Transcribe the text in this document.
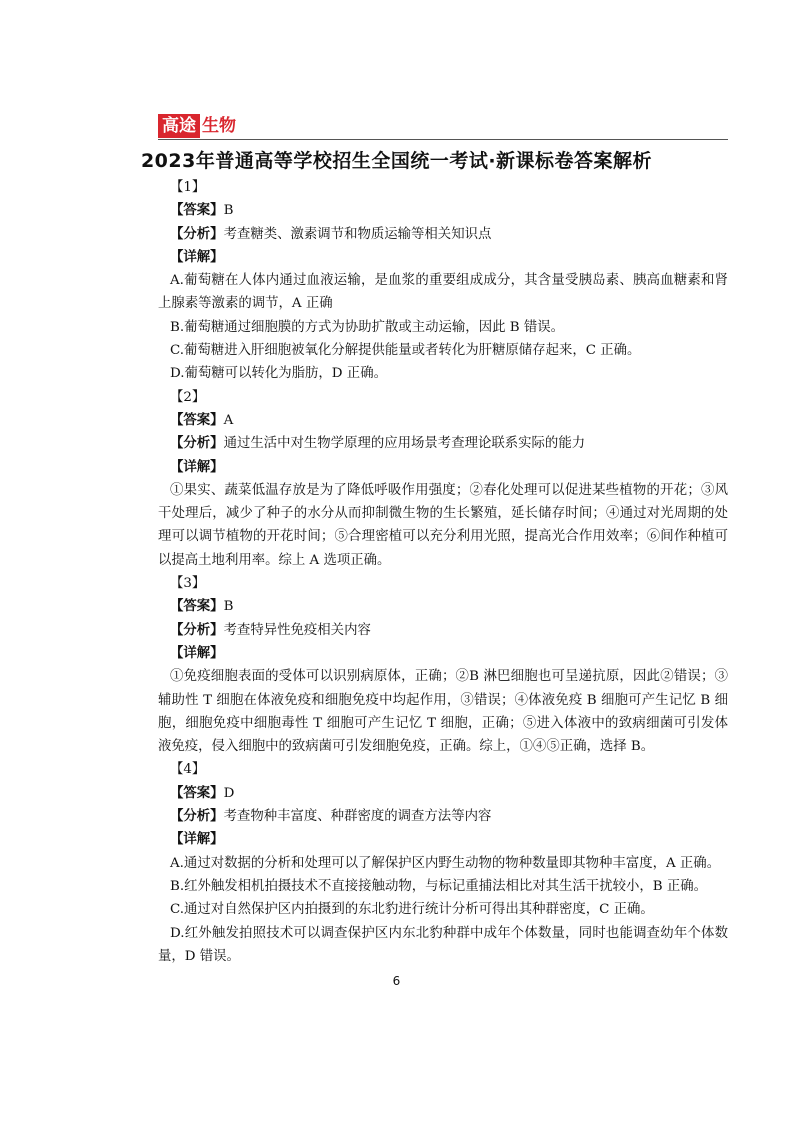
高途 生物
2023年普通高等学校招生全国统一考试·新课标卷答案解析

【1】

【答案】B

【分析】考查糖类、激素调节和物质运输等相关知识点

【详解】

A.葡萄糖在人体内通过血液运输，是血浆的重要组成成分，其含量受胰岛素、胰高血糖素和肾上腺素等激素的调节，A 正确

B.葡萄糖通过细胞膜的方式为协助扩散或主动运输，因此 B 错误。

C.葡萄糖进入肝细胞被氧化分解提供能量或者转化为肝糖原储存起来，C 正确。

D.葡萄糖可以转化为脂肪，D 正确。

【2】

【答案】A

【分析】通过生活中对生物学原理的应用场景考查理论联系实际的能力

【详解】

①果实、蔬菜低温存放是为了降低呼吸作用强度；②春化处理可以促进某些植物的开花；③风干处理后，减少了种子的水分从而抑制微生物的生长繁殖，延长储存时间；④通过对光周期的处理可以调节植物的开花时间；⑤合理密植可以充分利用光照，提高光合作用效率；⑥间作种植可以提高土地利用率。综上 A 选项正确。

【3】

【答案】B

【分析】考查特异性免疫相关内容

【详解】

①免疫细胞表面的受体可以识别病原体，正确；②B 淋巴细胞也可呈递抗原，因此②错误；③辅助性 T 细胞在体液免疫和细胞免疫中均起作用，③错误；④体液免疫 B 细胞可产生记忆 B 细胞，细胞免疫中细胞毒性 T 细胞可产生记忆 T 细胞，正确；⑤进入体液中的致病细菌可引发体液免疫，侵入细胞中的致病菌可引发细胞免疫，正确。综上，①④⑤正确，选择 B。

【4】

【答案】D

【分析】考查物种丰富度、种群密度的调查方法等内容

【详解】

A.通过对数据的分析和处理可以了解保护区内野生动物的物种数量即其物种丰富度，A 正确。

B.红外触发相机拍摄技术不直接接触动物，与标记重捕法相比对其生活干扰较小，B 正确。

C.通过对自然保护区内拍摄到的东北豹进行统计分析可得出其种群密度，C 正确。

D.红外触发拍照技术可以调查保护区内东北豹种群中成年个体数量，同时也能调查幼年个体数量，D 错误。

6
